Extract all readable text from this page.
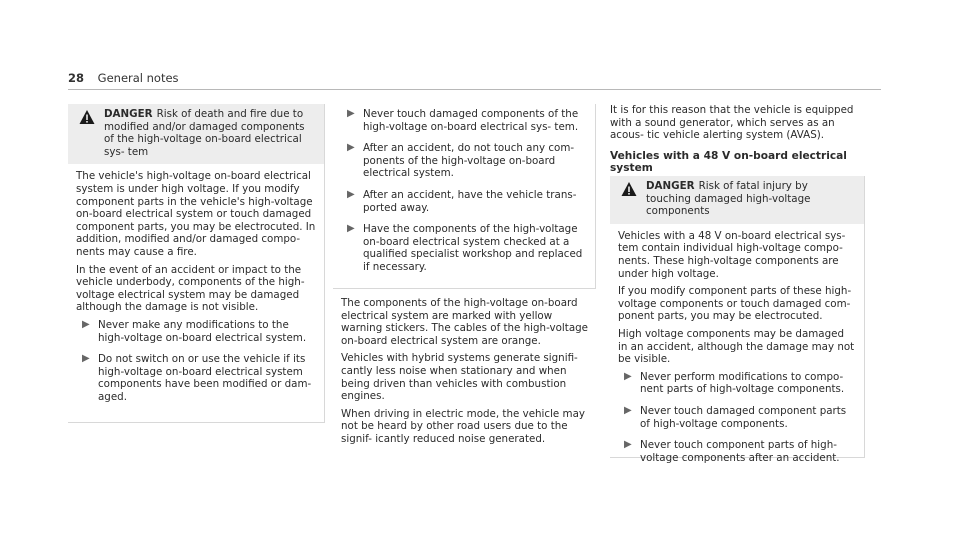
28 General notes
DANGER Risk of death and fire due to modified and/or damaged components of the high-voltage on-board electrical sys- tem

The vehicle's high-voltage on-board electrical system is under high voltage. If you modify component parts in the vehicle's high-voltage on-board electrical system or touch damaged component parts, you may be electrocuted. In addition, modified and/or damaged compo- nents may cause a fire.

In the event of an accident or impact to the vehicle underbody, components of the high- voltage electrical system may be damaged although the damage is not visible.

▶ Never make any modifications to the high-voltage on-board electrical system.
▶ Do not switch on or use the vehicle if its high-voltage on-board electrical system components have been modified or dam- aged.
▶ Never touch damaged components of the high-voltage on-board electrical sys- tem.
▶ After an accident, do not touch any com- ponents of the high-voltage on-board electrical system.
▶ After an accident, have the vehicle trans- ported away.
▶ Have the components of the high-voltage on-board electrical system checked at a qualified specialist workshop and replaced if necessary.

The components of the high-voltage on-board electrical system are marked with yellow warning stickers. The cables of the high-voltage on-board electrical system are orange.

Vehicles with hybrid systems generate signifi- cantly less noise when stationary and when being driven than vehicles with combustion engines.

When driving in electric mode, the vehicle may not be heard by other road users due to the signif- icantly reduced noise generated.

It is for this reason that the vehicle is equipped with a sound generator, which serves as an acous- tic vehicle alerting system (AVAS).

Vehicles with a 48 V on-board electrical system
DANGER Risk of fatal injury by touching damaged high-voltage components

Vehicles with a 48 V on-board electrical sys- tem contain individual high-voltage compo- nents. These high-voltage components are under high voltage.

If you modify component parts of these high- voltage components or touch damaged com- ponent parts, you may be electrocuted.

High voltage components may be damaged in an accident, although the damage may not be visible.

▶ Never perform modifications to compo- nent parts of high-voltage components.
▶ Never touch damaged component parts of high-voltage components.
▶ Never touch component parts of high- voltage components after an accident.
